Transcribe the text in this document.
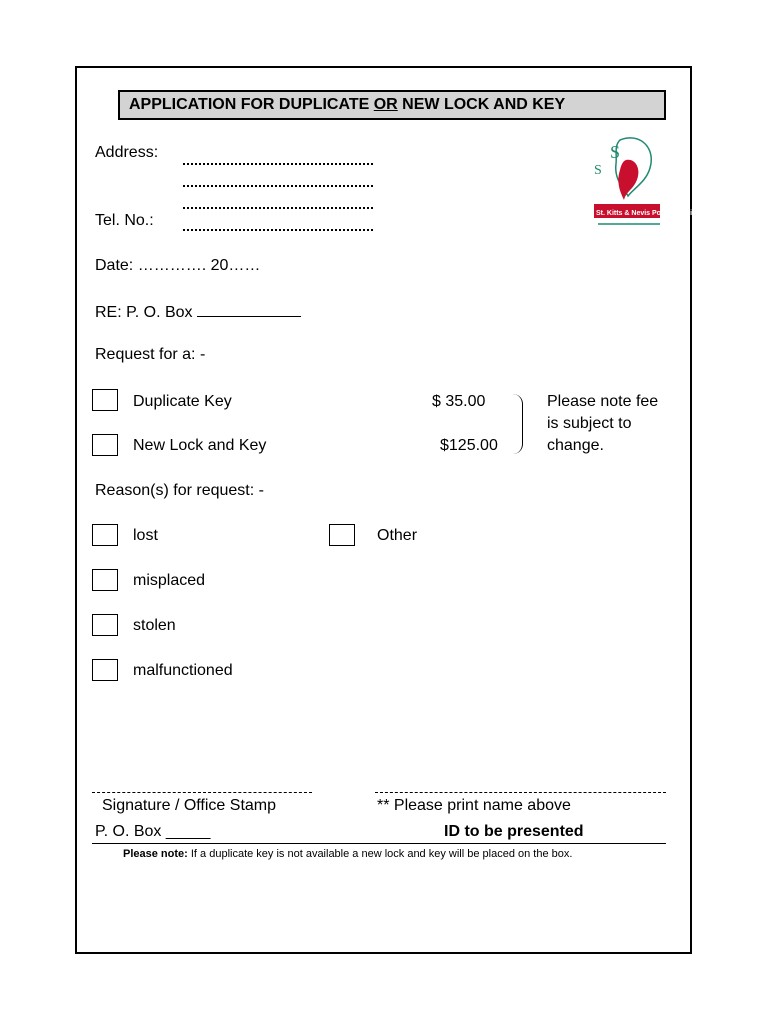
APPLICATION FOR DUPLICATE OR NEW LOCK AND KEY
Address:
Tel. No.:
S
S
St. Kitts & Nevis Postal Services
Date: …………. 20……
RE: P. O. Box
Request for a: -
Duplicate Key	$ 35.00
New Lock and Key	$125.00
Please note fee
is subject to
change.
Reason(s) for request: -
lost	Other
misplaced
stolen
malfunctioned
Signature / Office Stamp	** Please print name above
P. O. Box _____	ID to be presented
Please note: If a duplicate key is not available a new lock and key will be placed on the box.
